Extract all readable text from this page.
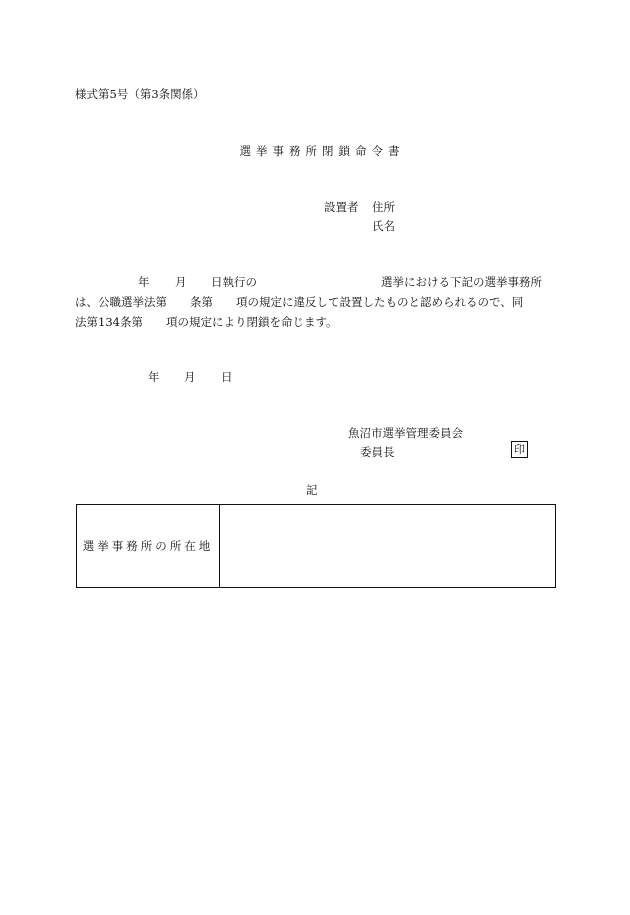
様式第5号（第3条関係）
選挙事務所閉鎖命令書
設置者 住所
氏名
年 月 日執行の	選挙における下記の選挙事務所
は、公職選挙法第　　条第　　項の規定に違反して設置したものと認められるので、同
法第134条第　　項の規定により閉鎖を命じます。
年 月 日
魚沼市選挙管理委員会
委員長	印
記
選挙事務所の所在地
